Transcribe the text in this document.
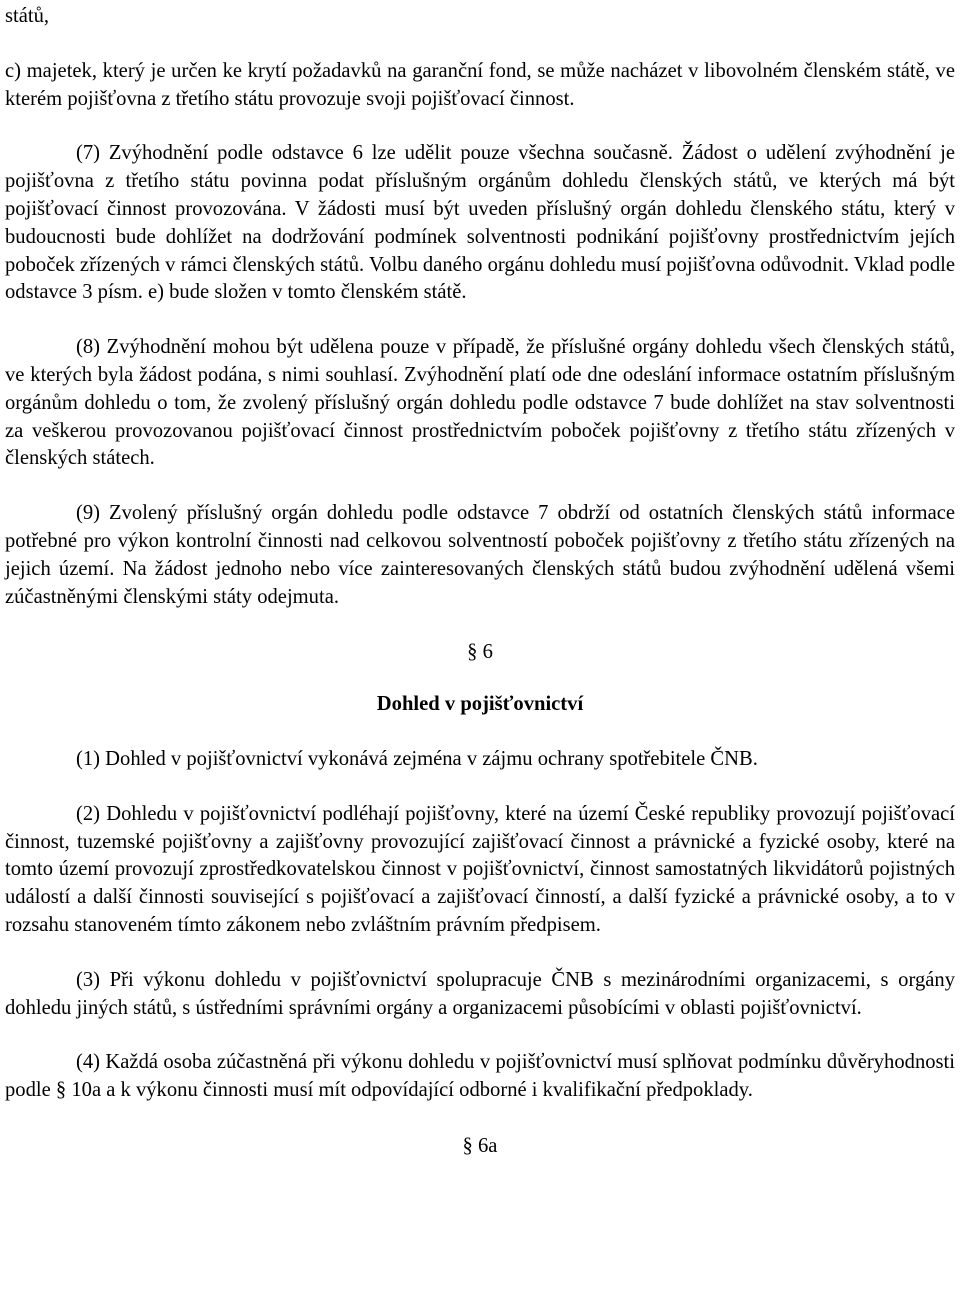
států,

c) majetek, který je určen ke krytí požadavků na garanční fond, se může nacházet v libovolném členském státě, ve kterém pojišťovna z třetího státu provozuje svoji pojišťovací činnost.

(7) Zvýhodnění podle odstavce 6 lze udělit pouze všechna současně. Žádost o udělení zvýhodnění je pojišťovna z třetího státu povinna podat příslušným orgánům dohledu členských států, ve kterých má být pojišťovací činnost provozována. V žádosti musí být uveden příslušný orgán dohledu členského státu, který v budoucnosti bude dohlížet na dodržování podmínek solventnosti podnikání pojišťovny prostřednictvím jejích poboček zřízených v rámci členských států. Volbu daného orgánu dohledu musí pojišťovna odůvodnit. Vklad podle odstavce 3 písm. e) bude složen v tomto členském státě.

(8) Zvýhodnění mohou být udělena pouze v případě, že příslušné orgány dohledu všech členských států, ve kterých byla žádost podána, s nimi souhlasí. Zvýhodnění platí ode dne odeslání informace ostatním příslušným orgánům dohledu o tom, že zvolený příslušný orgán dohledu podle odstavce 7 bude dohlížet na stav solventnosti za veškerou provozovanou pojišťovací činnost prostřednictvím poboček pojišťovny z třetího státu zřízených v členských státech.

(9) Zvolený příslušný orgán dohledu podle odstavce 7 obdrží od ostatních členských států informace potřebné pro výkon kontrolní činnosti nad celkovou solventností poboček pojišťovny z třetího státu zřízených na jejich území. Na žádost jednoho nebo více zainteresovaných členských států budou zvýhodnění udělená všemi zúčastněnými členskými státy odejmuta.

§ 6

Dohled v pojišťovnictví

(1) Dohled v pojišťovnictví vykonává zejména v zájmu ochrany spotřebitele ČNB.

(2) Dohledu v pojišťovnictví podléhají pojišťovny, které na území České republiky provozují pojišťovací činnost, tuzemské pojišťovny a zajišťovny provozující zajišťovací činnost a právnické a fyzické osoby, které na tomto území provozují zprostředkovatelskou činnost v pojišťovnictví, činnost samostatných likvidátorů pojistných událostí a další činnosti související s pojišťovací a zajišťovací činností, a další fyzické a právnické osoby, a to v rozsahu stanoveném tímto zákonem nebo zvláštním právním předpisem.

(3) Při výkonu dohledu v pojišťovnictví spolupracuje ČNB s mezinárodními organizacemi, s orgány dohledu jiných států, s ústředními správními orgány a organizacemi působícími v oblasti pojišťovnictví.

(4) Každá osoba zúčastněná při výkonu dohledu v pojišťovnictví musí splňovat podmínku důvěryhodnosti podle § 10a a k výkonu činnosti musí mít odpovídající odborné i kvalifikační předpoklady.

§ 6a
